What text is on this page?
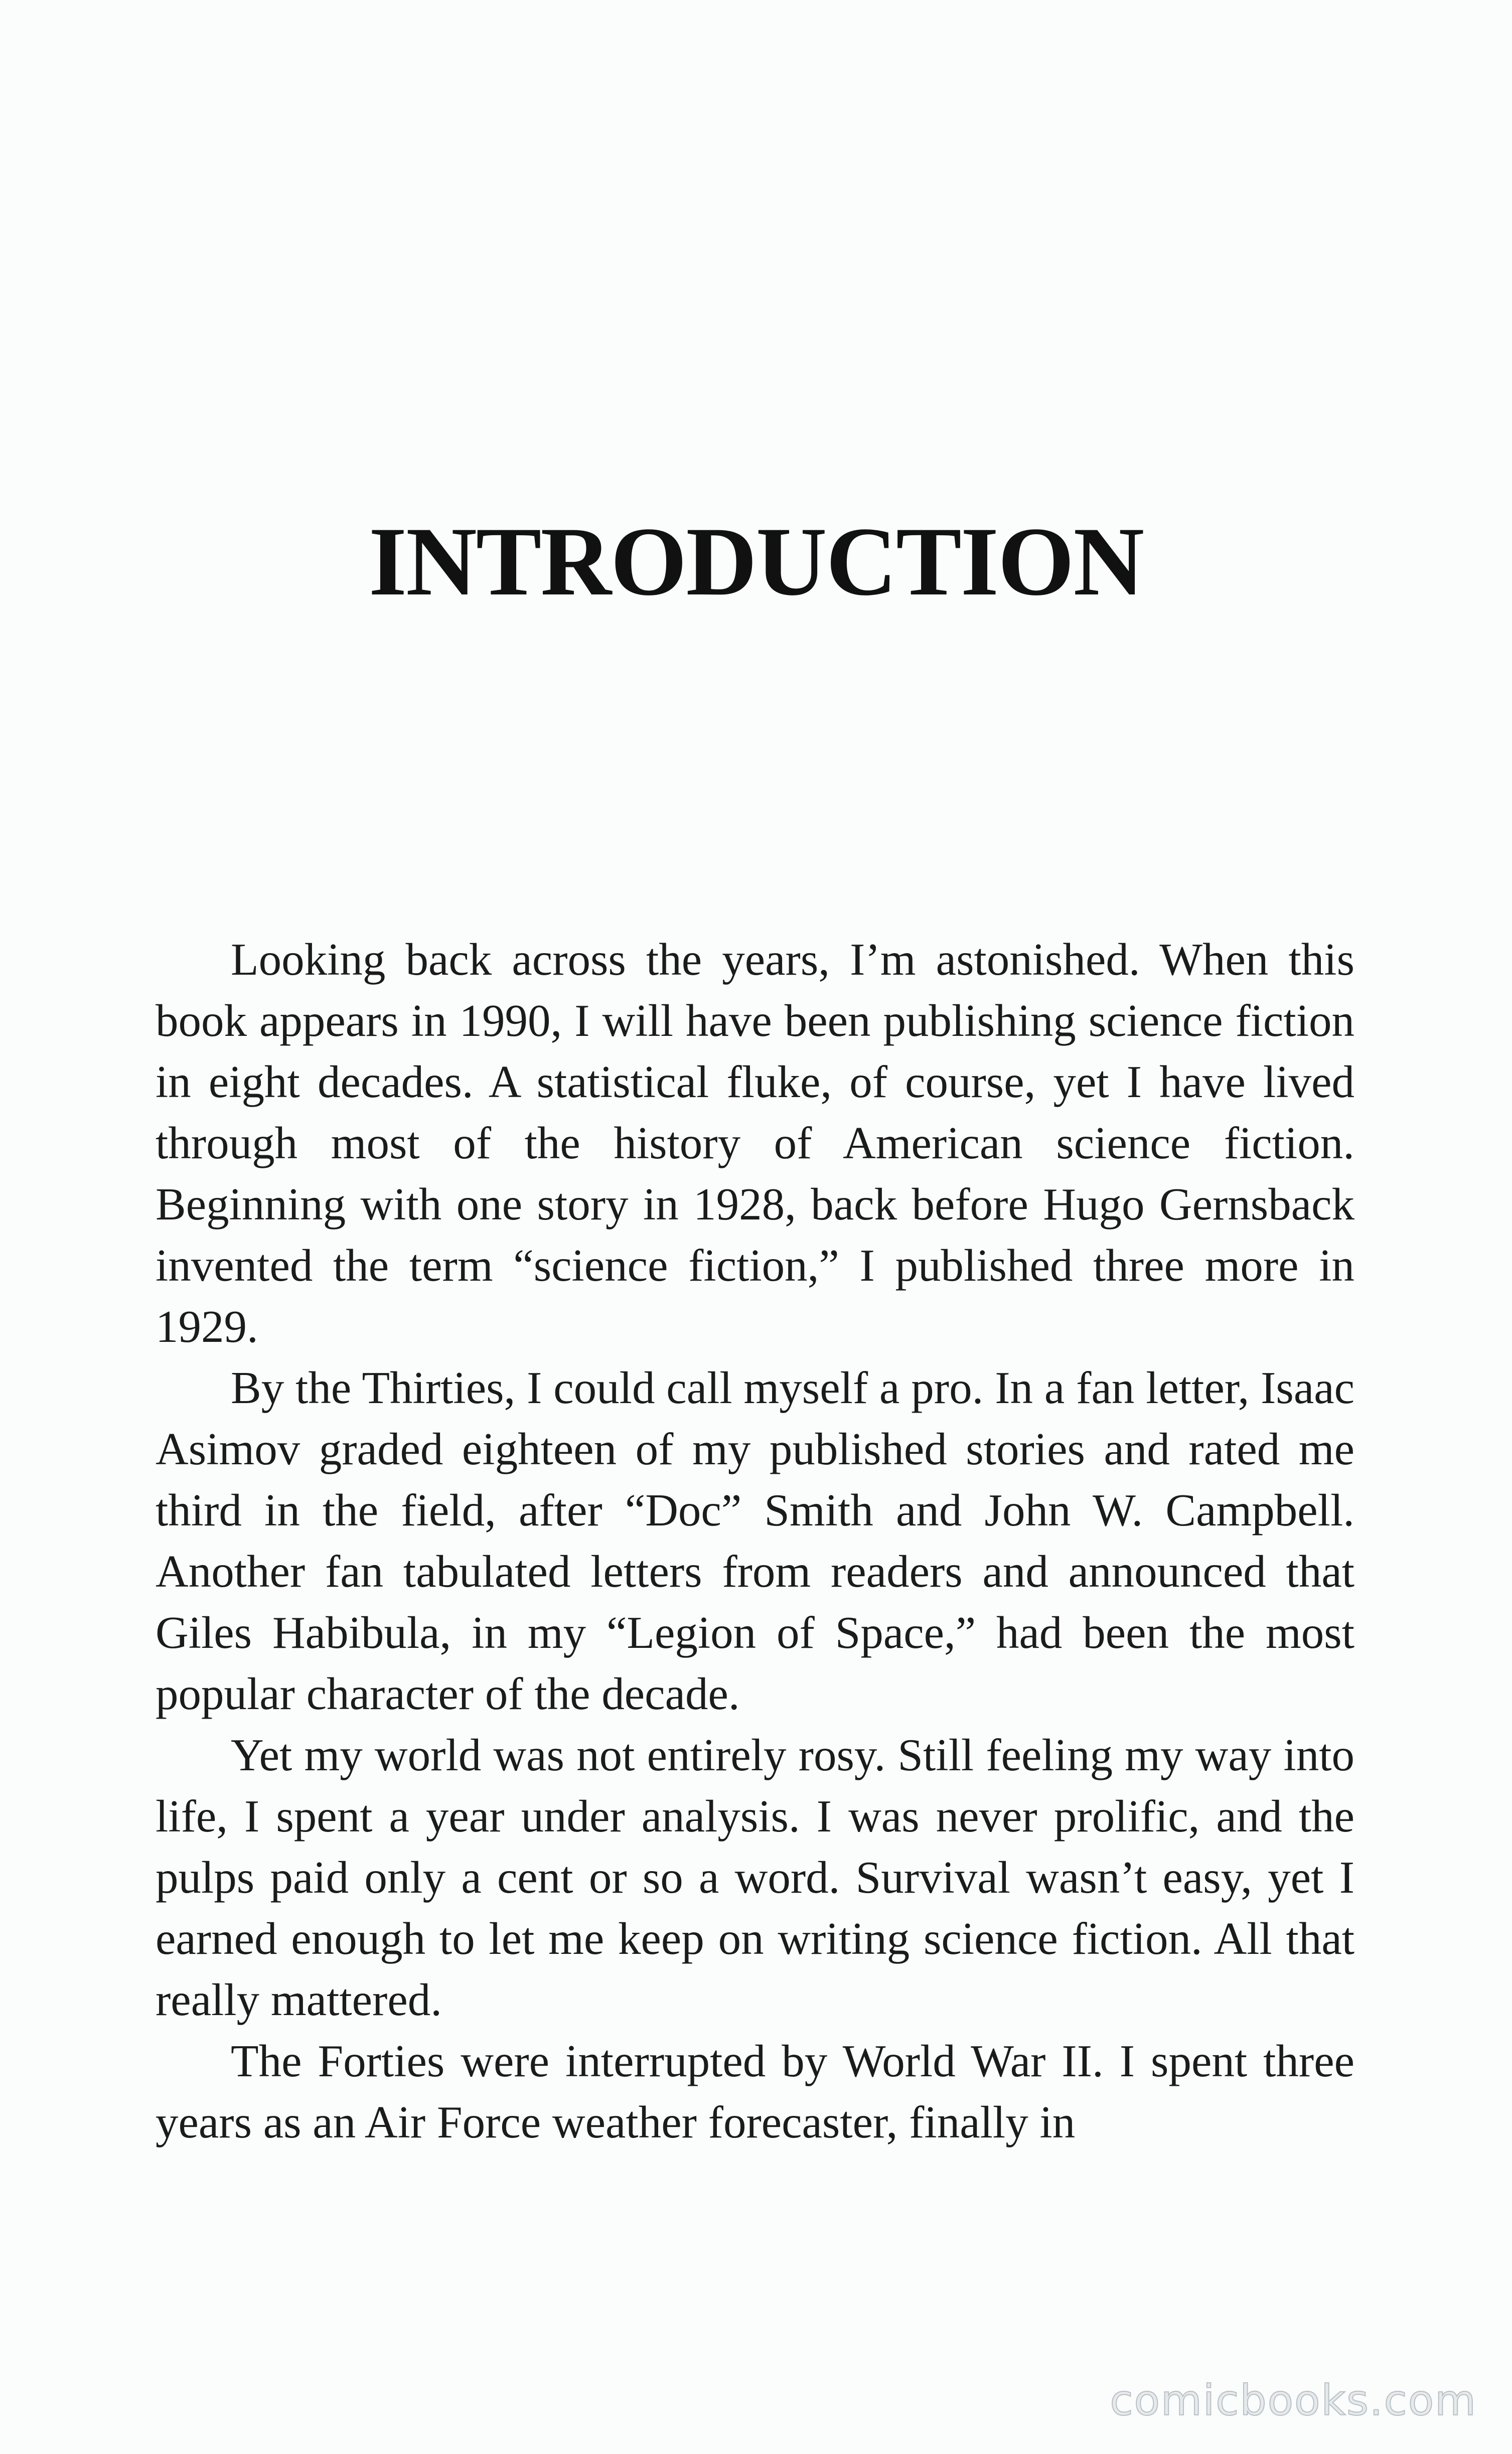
INTRODUCTION

Looking back across the years, I’m astonished. When this book appears in 1990, I will have been publishing science fiction in eight decades. A statistical fluke, of course, yet I have lived through most of the history of American science fiction. Beginning with one story in 1928, back before Hugo Gernsback invented the term “science fiction,” I published three more in 1929.

By the Thirties, I could call myself a pro. In a fan letter, Isaac Asimov graded eighteen of my published stories and rated me third in the field, after “Doc” Smith and John W. Campbell. Another fan tabulated letters from readers and announced that Giles Habibula, in my “Legion of Space,” had been the most popular character of the decade.

Yet my world was not entirely rosy. Still feeling my way into life, I spent a year under analysis. I was never prolific, and the pulps paid only a cent or so a word. Survival wasn’t easy, yet I earned enough to let me keep on writing science fiction. All that really mattered.

The Forties were interrupted by World War II. I spent three years as an Air Force weather forecaster, finally in

comicbooks.com
